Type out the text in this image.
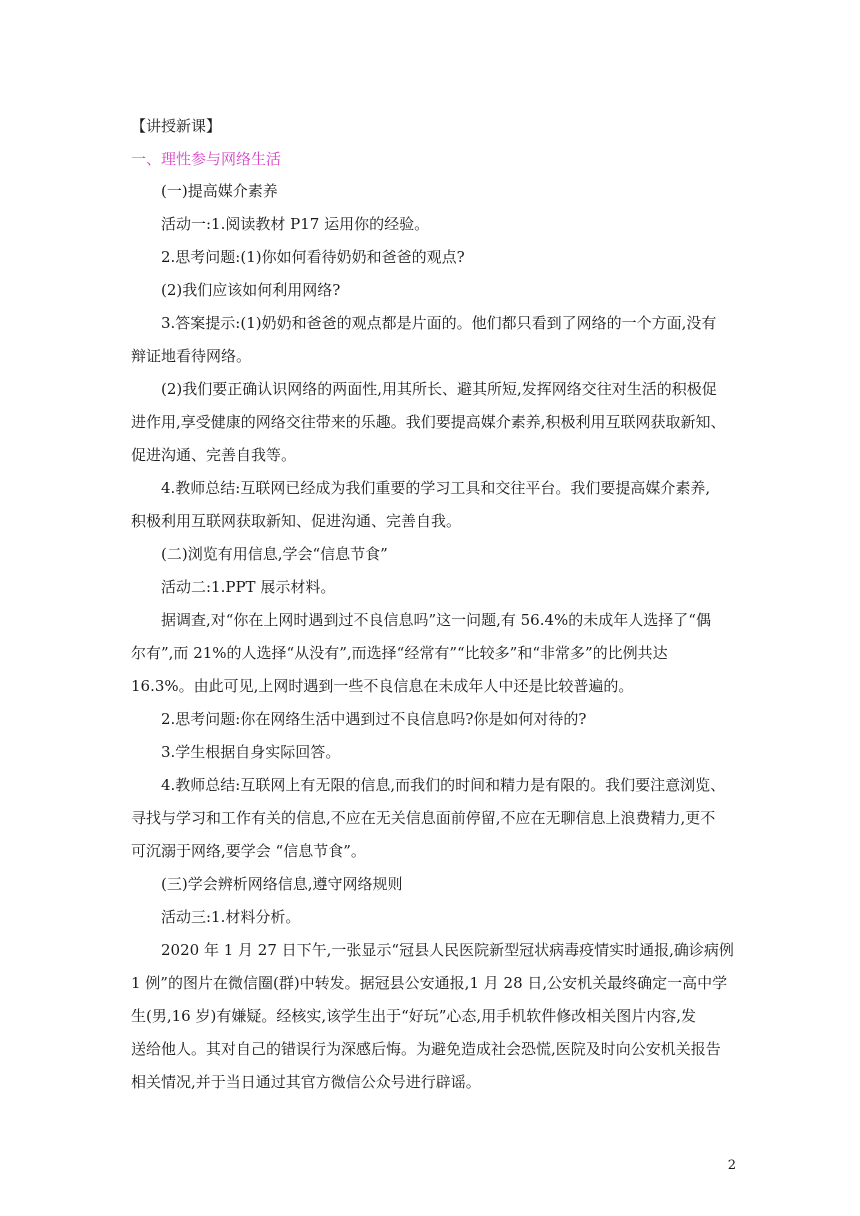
【讲授新课】
一、理性参与网络生活
(一)提高媒介素养
活动一:1.阅读教材 P17 运用你的经验。
2.思考问题:(1)你如何看待奶奶和爸爸的观点?
(2)我们应该如何利用网络?
3.答案提示:(1)奶奶和爸爸的观点都是片面的。他们都只看到了网络的一个方面,没有
辩证地看待网络。
(2)我们要正确认识网络的两面性,用其所长、避其所短,发挥网络交往对生活的积极促
进作用,享受健康的网络交往带来的乐趣。我们要提高媒介素养,积极利用互联网获取新知、
促进沟通、完善自我等。
4.教师总结:互联网已经成为我们重要的学习工具和交往平台。我们要提高媒介素养,
积极利用互联网获取新知、促进沟通、完善自我。
(二)浏览有用信息,学会“信息节食”
活动二:1.PPT 展示材料。
据调查,对“你在上网时遇到过不良信息吗”这一问题,有 56.4%的未成年人选择了“偶
尔有”,而 21%的人选择“从没有”,而选择“经常有”“比较多”和“非常多”的比例共达
16.3%。由此可见,上网时遇到一些不良信息在未成年人中还是比较普遍的。
2.思考问题:你在网络生活中遇到过不良信息吗?你是如何对待的?
3.学生根据自身实际回答。
4.教师总结:互联网上有无限的信息,而我们的时间和精力是有限的。我们要注意浏览、
寻找与学习和工作有关的信息,不应在无关信息面前停留,不应在无聊信息上浪费精力,更不
可沉溺于网络,要学会 “信息节食”。
(三)学会辨析网络信息,遵守网络规则
活动三:1.材料分析。
2020 年 1 月 27 日下午,一张显示“冠县人民医院新型冠状病毒疫情实时通报,确诊病例
1 例”的图片在微信圈(群)中转发。据冠县公安通报,1 月 28 日,公安机关最终确定一高中学
生(男,16 岁)有嫌疑。经核实,该学生出于“好玩”心态,用手机软件修改相关图片内容,发
送给他人。其对自己的错误行为深感后悔。为避免造成社会恐慌,医院及时向公安机关报告
相关情况,并于当日通过其官方微信公众号进行辟谣。
2
